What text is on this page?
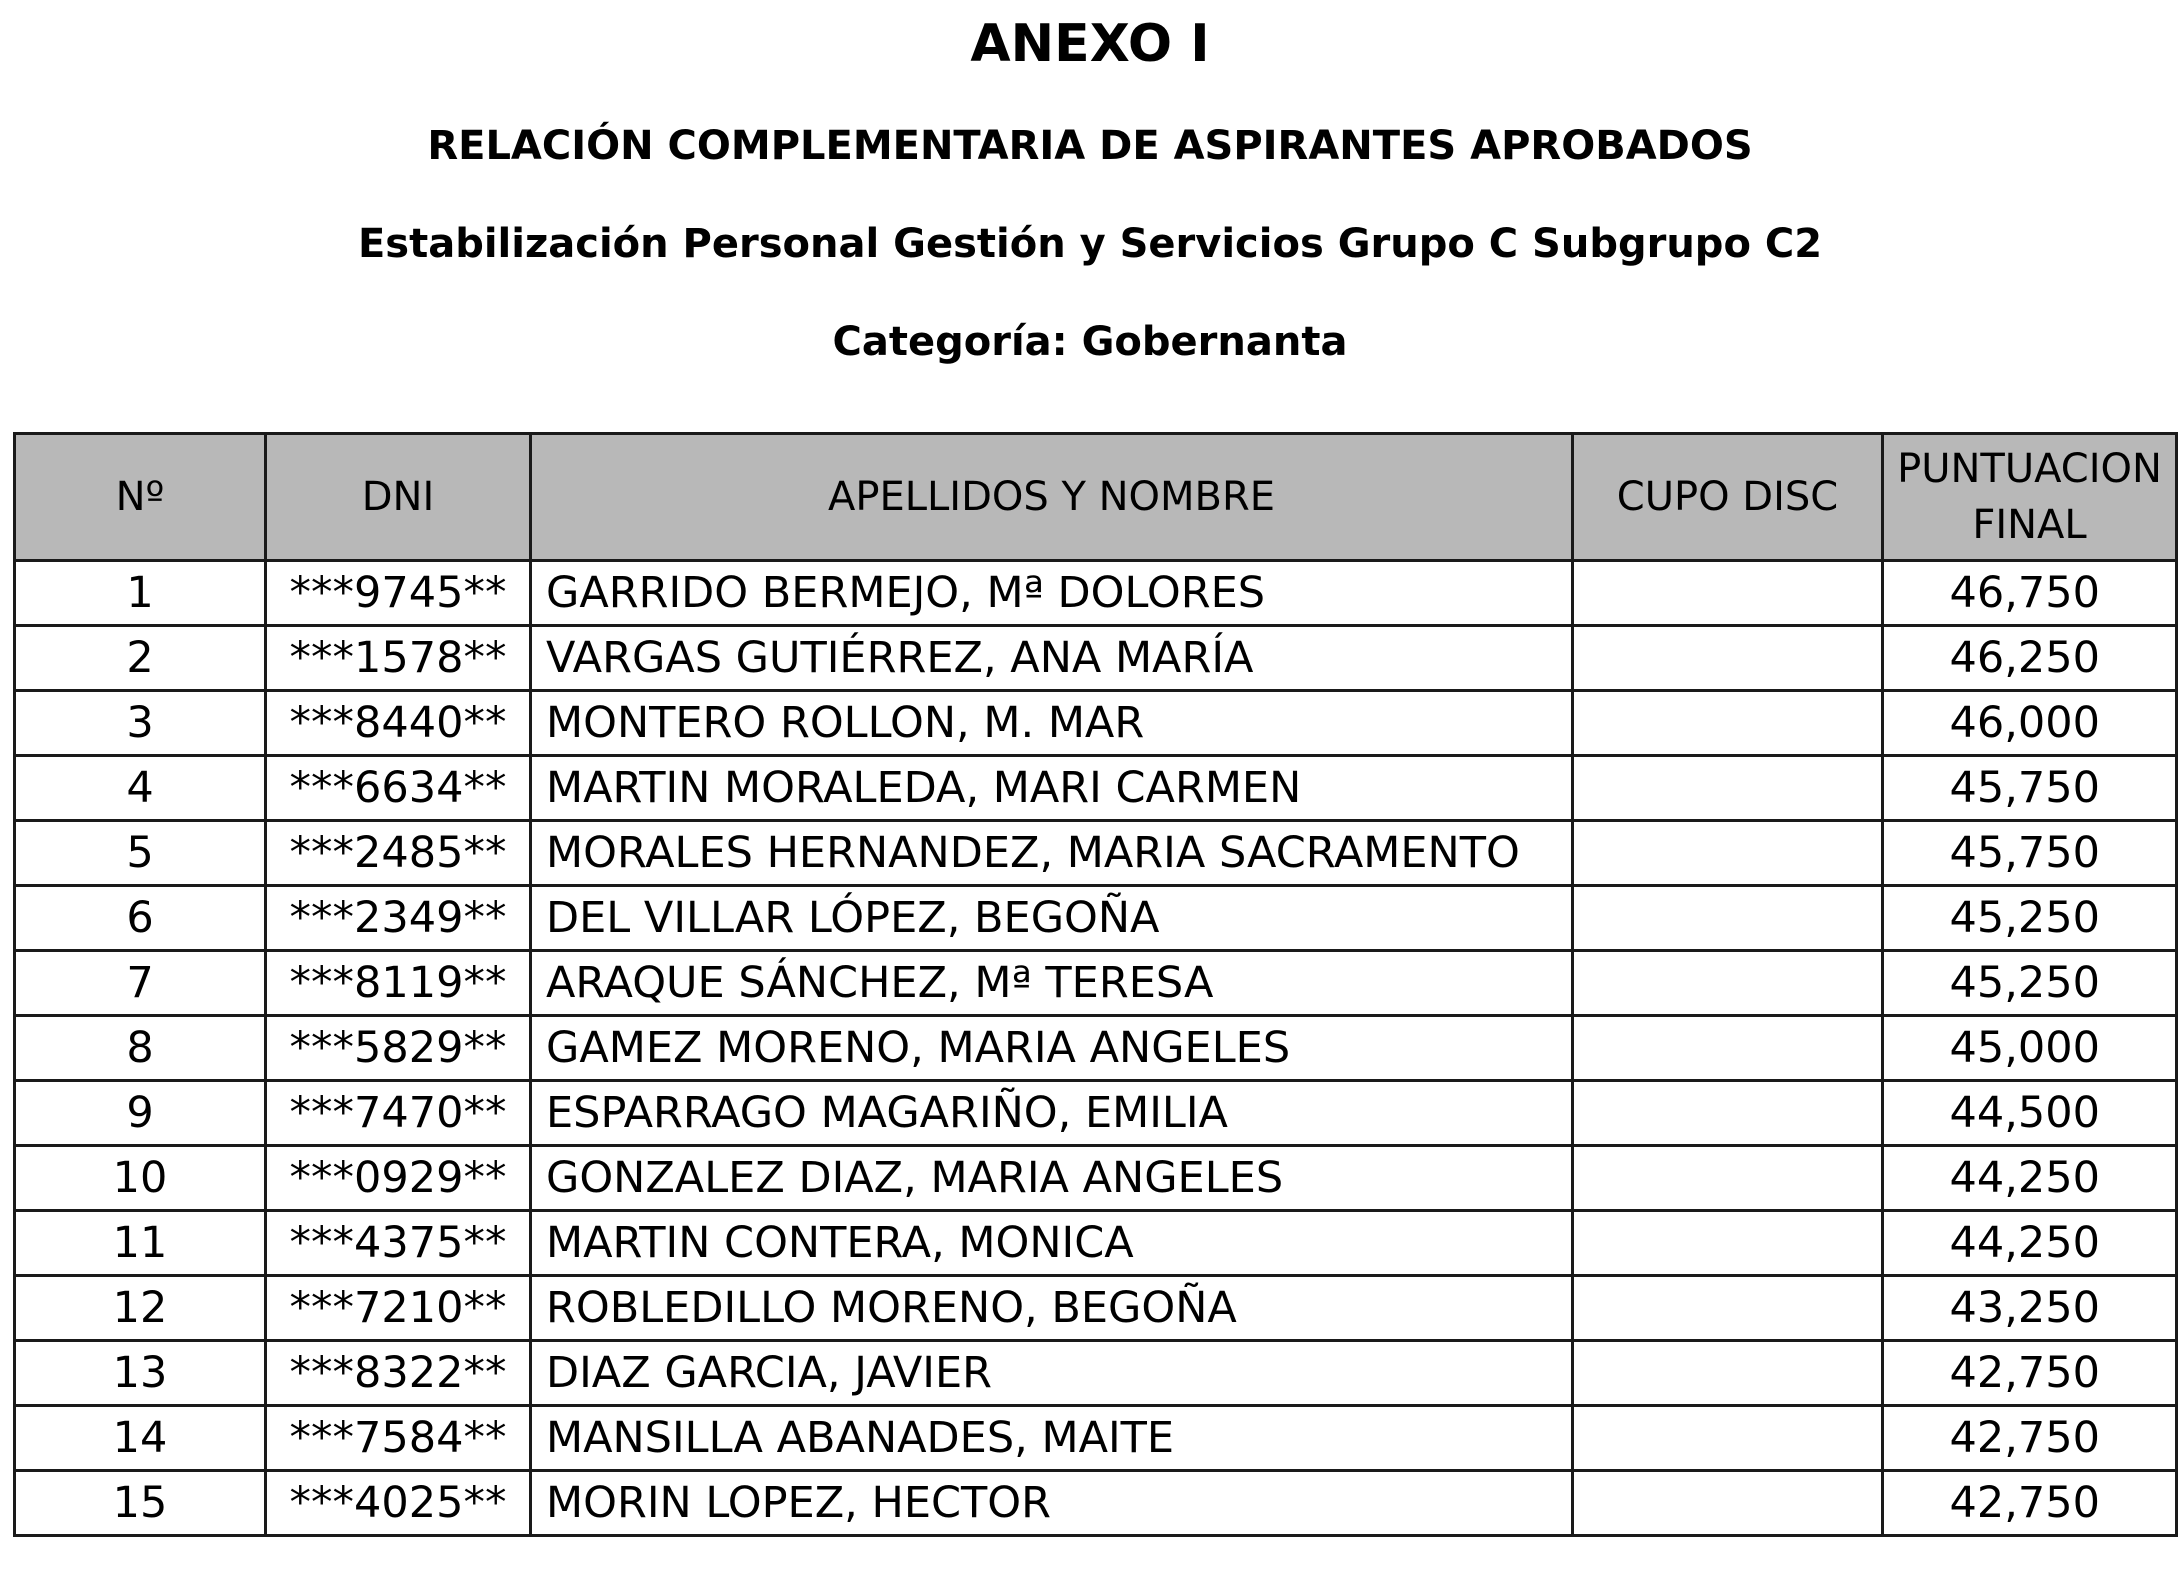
ANEXO I
RELACIÓN COMPLEMENTARIA DE ASPIRANTES APROBADOS
Estabilización Personal Gestión y Servicios Grupo C Subgrupo C2
Categoría: Gobernanta
Nº	DNI	APELLIDOS Y NOMBRE	CUPO DISC	PUNTUACION FINAL
1	***9745**	GARRIDO BERMEJO, Mª DOLORES		46,750
2	***1578**	VARGAS GUTIÉRREZ, ANA MARÍA		46,250
3	***8440**	MONTERO ROLLON, M. MAR		46,000
4	***6634**	MARTIN MORALEDA, MARI CARMEN		45,750
5	***2485**	MORALES HERNANDEZ, MARIA SACRAMENTO		45,750
6	***2349**	DEL VILLAR LÓPEZ, BEGOÑA		45,250
7	***8119**	ARAQUE SÁNCHEZ, Mª TERESA		45,250
8	***5829**	GAMEZ MORENO, MARIA ANGELES		45,000
9	***7470**	ESPARRAGO MAGARIÑO, EMILIA		44,500
10	***0929**	GONZALEZ DIAZ, MARIA ANGELES		44,250
11	***4375**	MARTIN CONTERA, MONICA		44,250
12	***7210**	ROBLEDILLO MORENO, BEGOÑA		43,250
13	***8322**	DIAZ GARCIA, JAVIER		42,750
14	***7584**	MANSILLA ABANADES, MAITE		42,750
15	***4025**	MORIN LOPEZ, HECTOR		42,750
